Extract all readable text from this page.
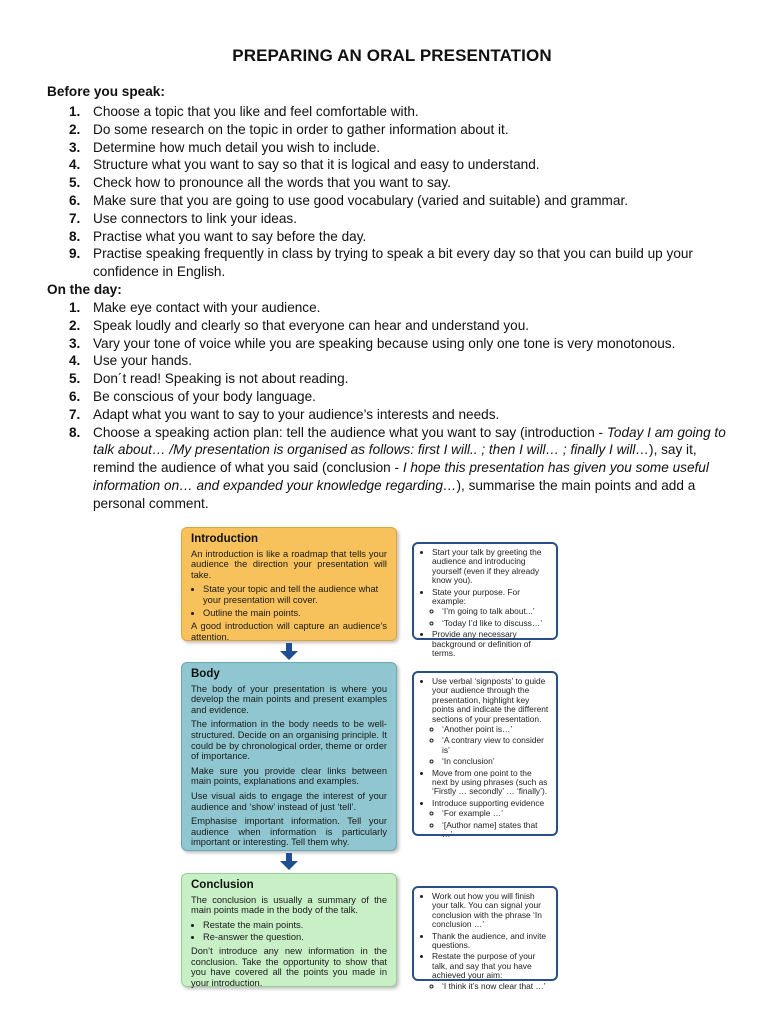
PREPARING AN ORAL PRESENTATION
Before you speak:
1. Choose a topic that you like and feel comfortable with.
2. Do some research on the topic in order to gather information about it.
3. Determine how much detail you wish to include.
4. Structure what you want to say so that it is logical and easy to understand.
5. Check how to pronounce all the words that you want to say.
6. Make sure that you are going to use good vocabulary (varied and suitable) and grammar.
7. Use connectors to link your ideas.
8. Practise what you want to say before the day.
9. Practise speaking frequently in class by trying to speak a bit every day so that you can build up your confidence in English.
On the day:
1. Make eye contact with your audience.
2. Speak loudly and clearly so that everyone can hear and understand you.
3. Vary your tone of voice while you are speaking because using only one tone is very monotonous.
4. Use your hands.
5. Don´t read! Speaking is not about reading.
6. Be conscious of your body language.
7. Adapt what you want to say to your audience’s interests and needs.
8. Choose a speaking action plan: tell the audience what you want to say (introduction - Today I am going to talk about… /My presentation is organised as follows: first I will.. ; then I will… ; finally I will…), say it, remind the audience of what you said (conclusion - I hope this presentation has given you some useful information on… and expanded your knowledge regarding…), summarise the main points and add a personal comment.
Introduction

An introduction is like a roadmap that tells your audience the direction your presentation will take.

• State your topic and tell the audience what your presentation will cover.
• Outline the main points.

A good introduction will capture an audience’s attention.

• Start your talk by greeting the audience and introducing yourself (even if they already know you).
• State your purpose. For example:
◦ ‘I’m going to talk about...’
◦ ‘Today I’d like to discuss…’
• Provide any necessary background or definition of terms.
Body

The body of your presentation is where you develop the main points and present examples and evidence.

The information in the body needs to be well-structured. Decide on an organising principle. It could be by chronological order, theme or order of importance.

Make sure you provide clear links between main points, explanations and examples.

Use visual aids to engage the interest of your audience and ‘show’ instead of just ‘tell’.

Emphasise important information. Tell your audience when information is particularly important or interesting. Tell them why.

• Use verbal ‘signposts’ to guide your audience through the presentation, highlight key points and indicate the different sections of your presentation.
◦ ‘Another point is…’
◦ ‘A contrary view to consider is’
◦ ‘In conclusion’
• Move from one point to the next by using phrases (such as ‘Firstly … secondly’ … ‘finally’).
• Introduce supporting evidence
◦ ‘For example …’
◦ ‘[Author name] states that …’
Conclusion

The conclusion is usually a summary of the main points made in the body of the talk.

• Restate the main points.
• Re-answer the question.

Don’t introduce any new information in the conclusion. Take the opportunity to show that you have covered all the points you made in your introduction.

• Work out how you will finish your talk. You can signal your conclusion with the phrase ‘In conclusion …’
• Thank the audience, and invite questions.
• Restate the purpose of your talk, and say that you have achieved your aim:
◦ ‘I think it’s now clear that …’
